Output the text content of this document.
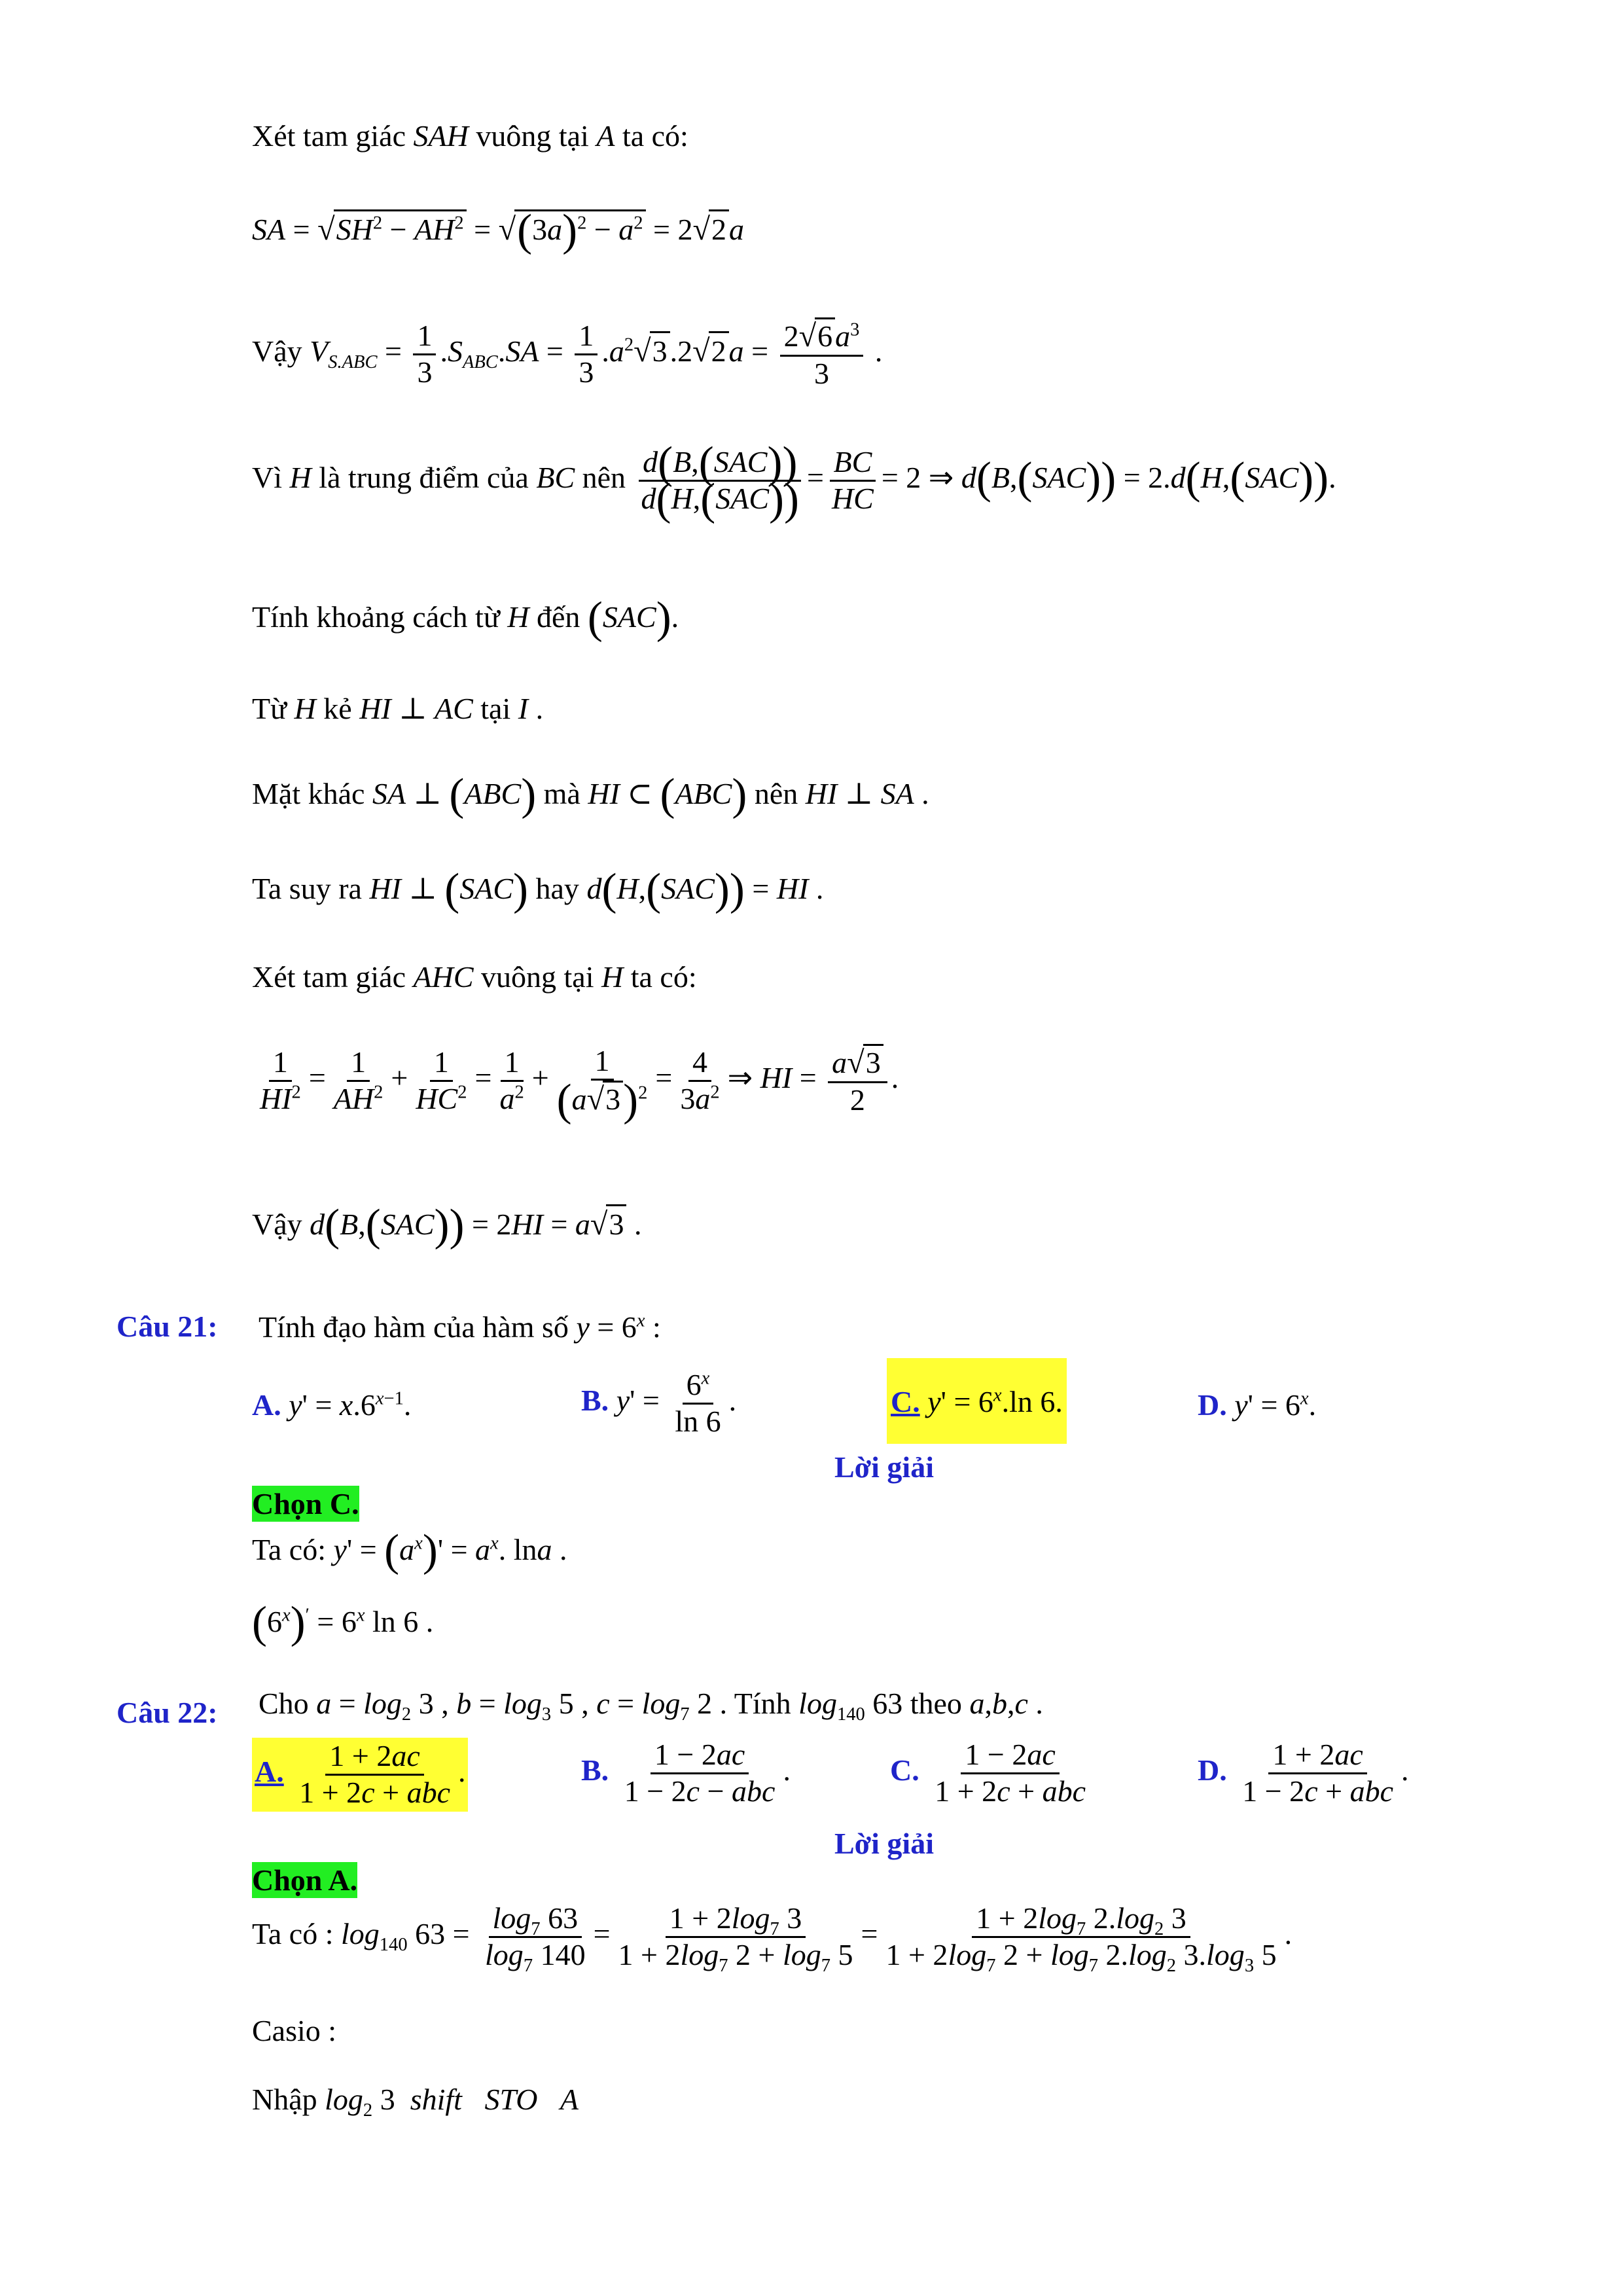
Xét tam giác SAH vuông tại A ta có:
SA = $√SH^2 - AH^2 = √(3a)^2 - a^2 = 2√2a$
Vậy $V_{S.ABC} = \frac{1}{3} .S_{ABC}.SA = \frac{1}{3} .a^2√3.2√2a = \frac{2√6a^3}{3}$ .
Vì H là trung điểm của BC nên $\frac{\text{d(B,(SAC))}}{\text{d(H,(SAC))}} = \frac{BC}{HC} = 2$ ⇒ d(B,(SAC)) = 2.d(H,(SAC)).
Tính khoảng cách từ H đến (SAC).
Từ H kẻ HI ⊥ AC tại I .
Mặt khác SA ⊥ (ABC) mà HI ⊂ (ABC) nên HI ⊥ SA .
Ta suy ra HI ⊥ (SAC) hay d(H,(SAC)) = HI .
Xét tam giác AHC vuông tại H ta có:
$\frac{1}{HI^2} = \frac{1}{AH^2} + \frac{1}{HC^2} = \frac{1}{a^2} + \frac{1}{(a√3)^2} = \frac{4}{3a^2}$ ⇒ HI = $\frac{a√3}{2}$ .
Vậy d(B,(SAC)) = 2HI = a√3 .
Câu 21: Tính đạo hàm của hàm số $y = 6^x$ :
A. $y' = x.6^{x-1}$.	B. $y' = \frac{6^x}{\ln 6}$ .	C. $y' = 6^x.\ln$ 6.	D. $y' = 6^x$.
Lời giải
Chọn C.
Ta có: $y' = (a^x)' = a^x$. lna .
$(6^x)' = 6^x$ ln 6 .
Câu 22: Cho $a = \log_2 3$ , $b = \log_3 5$ , $c = \log_7 2$ . Tính $\log_{140} 63$ theo a,b,c .
A. $\frac{1 + 2ac}{\text{1 + 2c + abc}}$ .	B. $\frac{1 - 2ac}{\text{1 − 2c − abc}}$ .	C. $\frac{1 - 2ac}{\text{1 + 2c + abc}}$	D. $\frac{1 + 2ac}{\text{1 − 2c + abc}}$ .
Lời giải
Chọn A.
Ta có : $\log_{140} 63 = \frac{\log_7 63}{\log_7 140} = \frac{1 + 2\log_7 3}{1 + 2\log_7 2 + \log_7 5} = \frac{1 + 2\log_7 2.\log_2 3}{1 + 2\log_7 2 + \log_7 2.\log_2 3.\log_3 5}$ .
Casio :
Nhập $\log_2 3$  shift STO A
